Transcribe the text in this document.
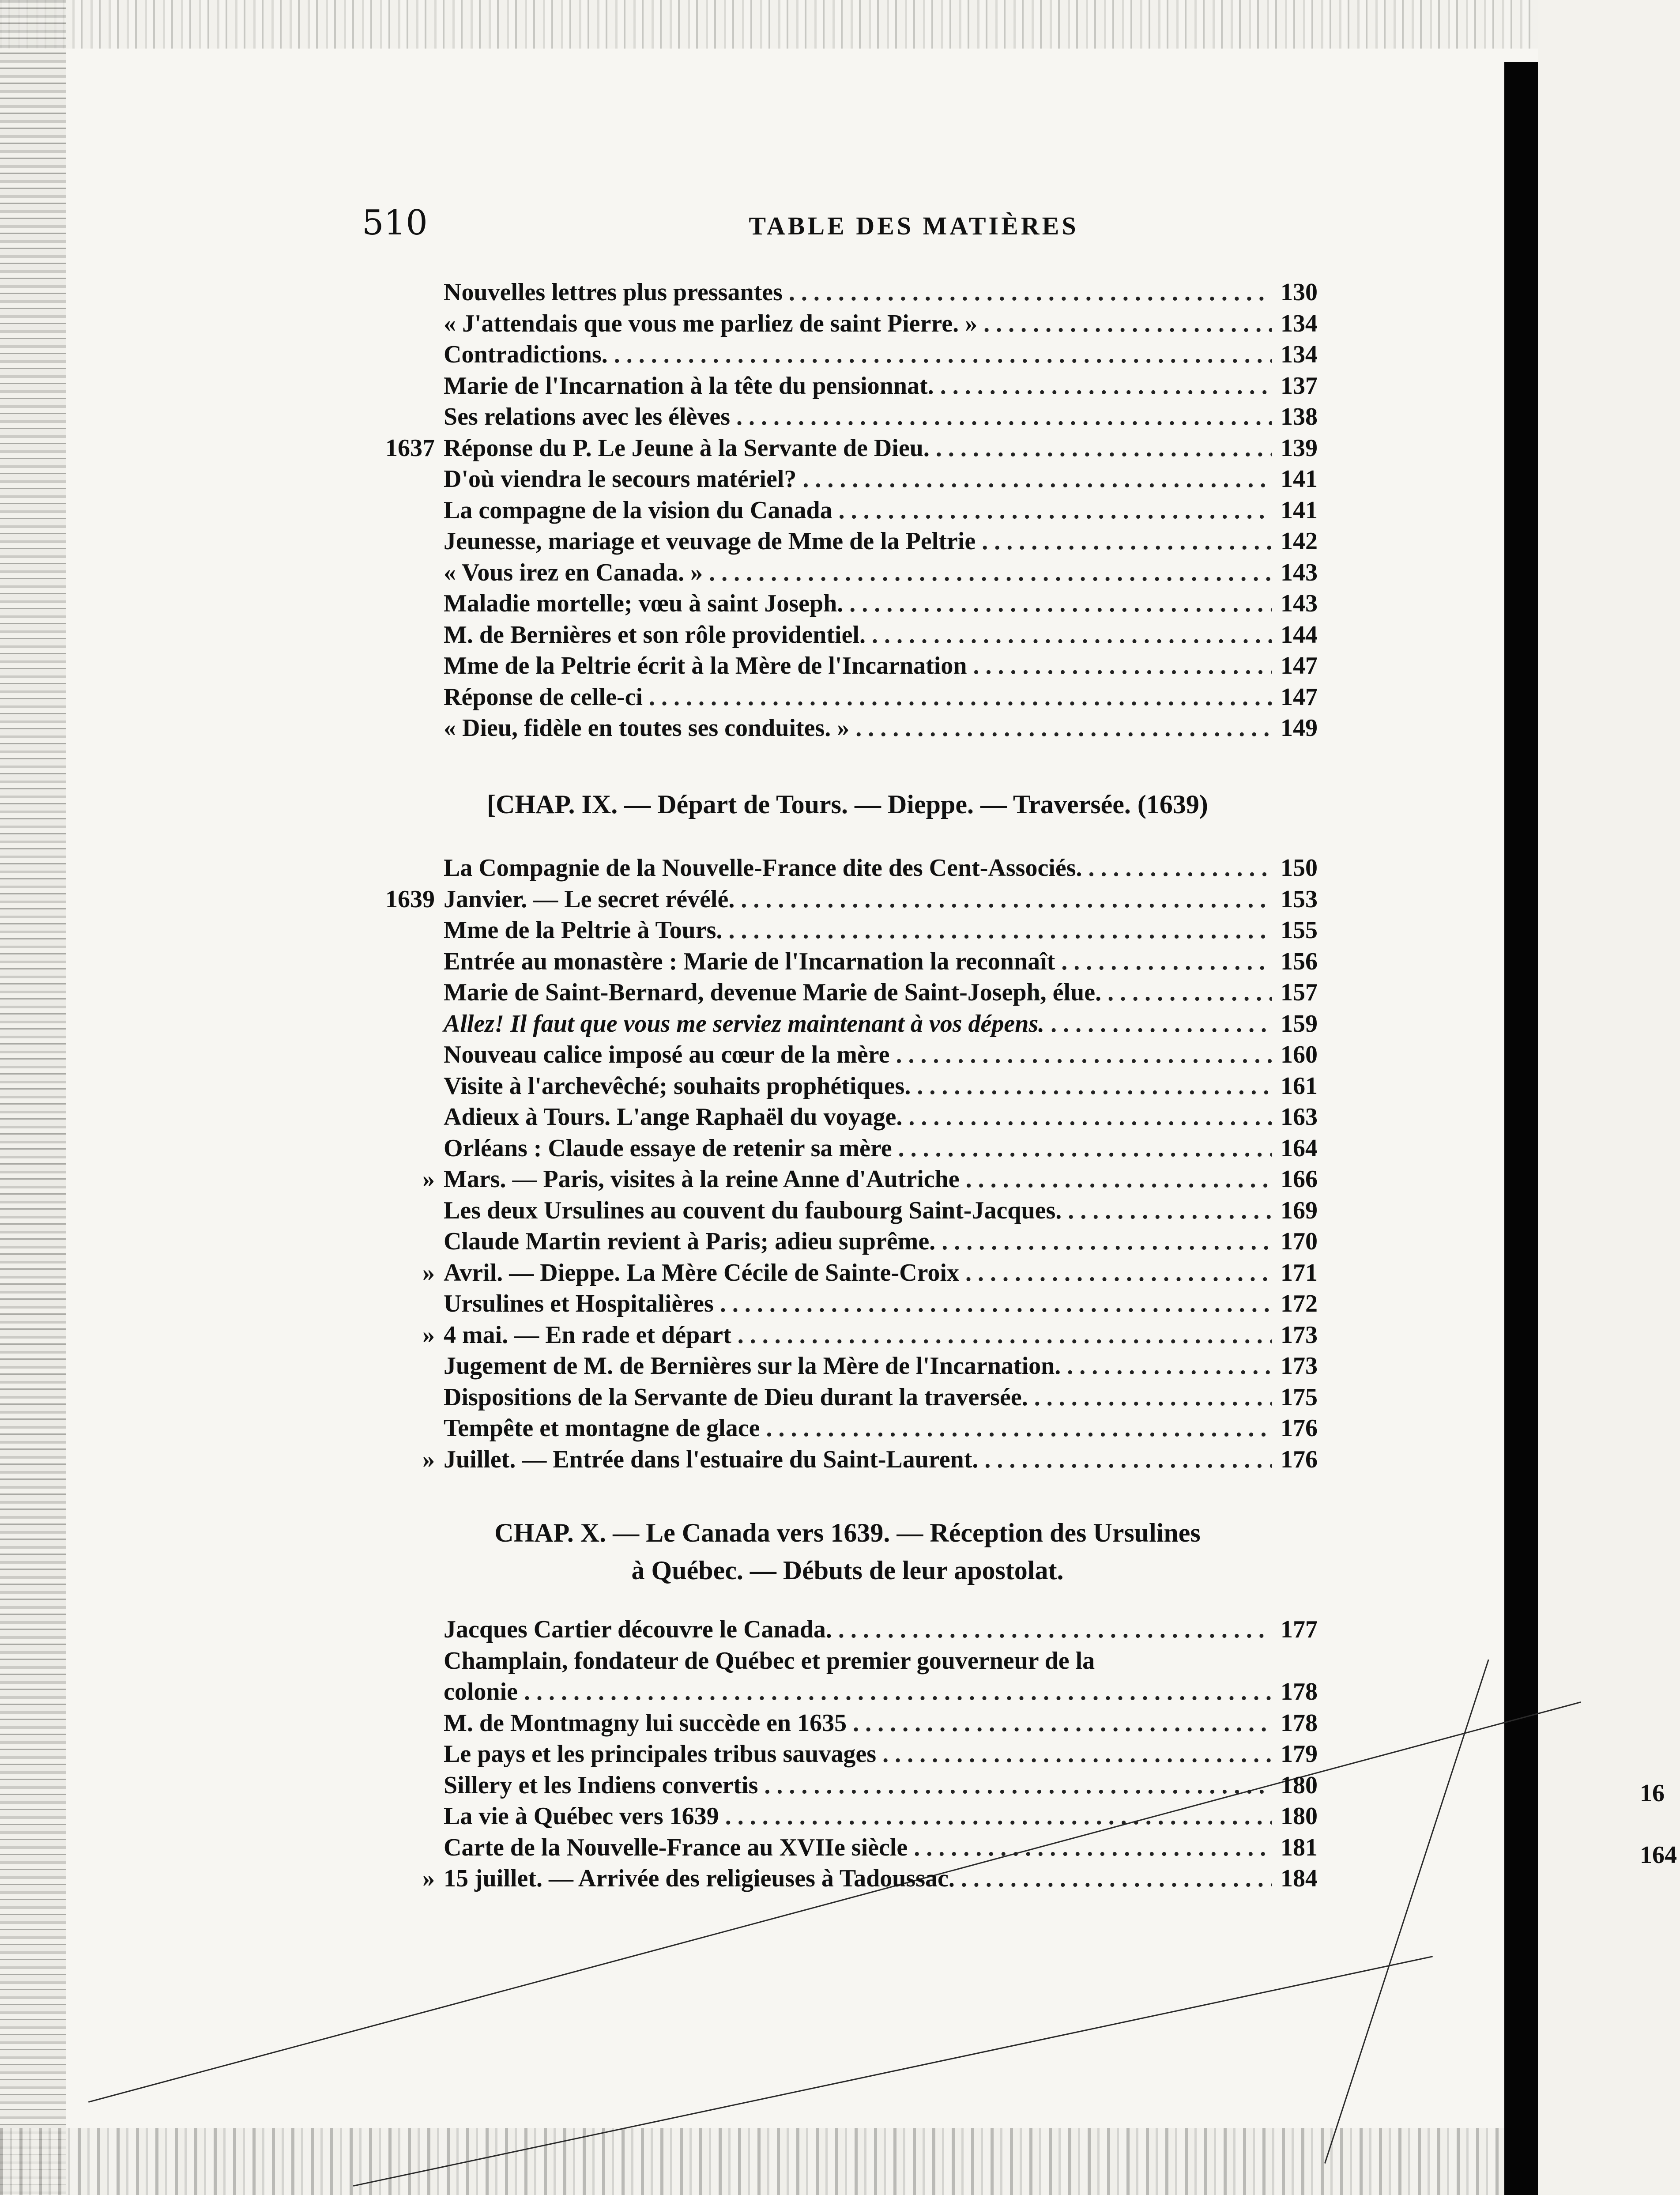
16
164
510	TABLE DES MATIÈRES
Nouvelles lettres plus pressantes . . .	130
« J'attendais que vous me parliez de saint Pierre. » . . .	134
Contradictions. . . .	134
Marie de l'Incarnation à la tête du pensionnat. . . .	137
Ses relations avec les élèves . . .	138
1637 Réponse du P. Le Jeune à la Servante de Dieu. . . .	139
D'où viendra le secours matériel? . . .	141
La compagne de la vision du Canada . . .	141
Jeunesse, mariage et veuvage de Mme de la Peltrie . . .	142
« Vous irez en Canada. » . . .	143
Maladie mortelle; vœu à saint Joseph. . . .	143
M. de Bernières et son rôle providentiel. . . .	144
Mme de la Peltrie écrit à la Mère de l'Incarnation . . .	147
Réponse de celle-ci . . .	147
« Dieu, fidèle en toutes ses conduites. » . . .	149
[CHAP. IX. — Départ de Tours. — Dieppe. — Traversée. (1639)
La Compagnie de la Nouvelle-France dite des Cent-Associés. . . .	150
1639 Janvier. — Le secret révélé. . . .	153
Mme de la Peltrie à Tours. . . .	155
Entrée au monastère : Marie de l'Incarnation la reconnaît . . .	156
Marie de Saint-Bernard, devenue Marie de Saint-Joseph, élue. . . .	157
Allez! Il faut que vous me serviez maintenant à vos dépens. . . .	159
Nouveau calice imposé au cœur de la mère . . .	160
Visite à l'archevêché; souhaits prophétiques. . . .	161
Adieux à Tours. L'ange Raphaël du voyage. . . .	163
Orléans : Claude essaye de retenir sa mère . . .	164
» Mars. — Paris, visites à la reine Anne d'Autriche . . .	166
Les deux Ursulines au couvent du faubourg Saint-Jacques. . . .	169
Claude Martin revient à Paris; adieu suprême. . . .	170
» Avril. — Dieppe. La Mère Cécile de Sainte-Croix . . .	171
Ursulines et Hospitalières . . .	172
» 4 mai. — En rade et départ . . .	173
Jugement de M. de Bernières sur la Mère de l'Incarnation. . . .	173
Dispositions de la Servante de Dieu durant la traversée. . . .	175
Tempête et montagne de glace . . .	176
» Juillet. — Entrée dans l'estuaire du Saint-Laurent. . . .	176
CHAP. X. — Le Canada vers 1639. — Réception des Ursulines
à Québec. — Débuts de leur apostolat.
Jacques Cartier découvre le Canada. . . .	177
Champlain, fondateur de Québec et premier gouverneur de la
colonie . . .	178
M. de Montmagny lui succède en 1635 . . .	178
Le pays et les principales tribus sauvages . . .	179
Sillery et les Indiens convertis . . .	180
La vie à Québec vers 1639 . . .	180
Carte de la Nouvelle-France au XVIIe siècle . . .	181
» 15 juillet. — Arrivée des religieuses à Tadoussac. . . .	184
